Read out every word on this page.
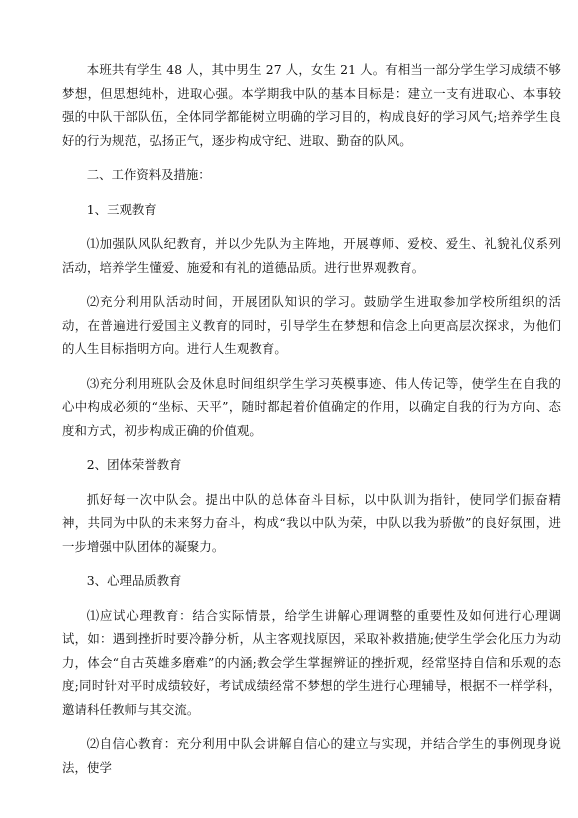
本班共有学生 48 人，其中男生 27 人，女生 21 人。有相当一部分学生学习成绩不够梦想，但思想纯朴，进取心强。本学期我中队的基本目标是：建立一支有进取心、本事较强的中队干部队伍，全体同学都能树立明确的学习目的，构成良好的学习风气;培养学生良好的行为规范，弘扬正气，逐步构成守纪、进取、勤奋的队风。

二、工作资料及措施：

1、三观教育

⑴加强队风队纪教育，并以少先队为主阵地，开展尊师、爱校、爱生、礼貌礼仪系列活动，培养学生懂爱、施爱和有礼的道德品质。进行世界观教育。

⑵充分利用队活动时间，开展团队知识的学习。鼓励学生进取参加学校所组织的活动，在普遍进行爱国主义教育的同时，引导学生在梦想和信念上向更高层次探求，为他们的人生目标指明方向。进行人生观教育。

⑶充分利用班队会及休息时间组织学生学习英模事迹、伟人传记等，使学生在自我的心中构成必须的“坐标、天平”，随时都起着价值确定的作用，以确定自我的行为方向、态度和方式，初步构成正确的价值观。

2、团体荣誉教育

抓好每一次中队会。提出中队的总体奋斗目标，以中队训为指针，使同学们振奋精神，共同为中队的未来努力奋斗，构成“我以中队为荣，中队以我为骄傲”的良好氛围，进一步增强中队团体的凝聚力。

3、心理品质教育

⑴应试心理教育：结合实际情景，给学生讲解心理调整的重要性及如何进行心理调试，如：遇到挫折时要冷静分析，从主客观找原因，采取补救措施;使学生学会化压力为动力，体会“自古英雄多磨难”的内涵;教会学生掌握辨证的挫折观，经常坚持自信和乐观的态度;同时针对平时成绩较好，考试成绩经常不梦想的学生进行心理辅导，根据不一样学科，邀请科任教师与其交流。

⑵自信心教育：充分利用中队会讲解自信心的建立与实现，并结合学生的事例现身说法，使学
